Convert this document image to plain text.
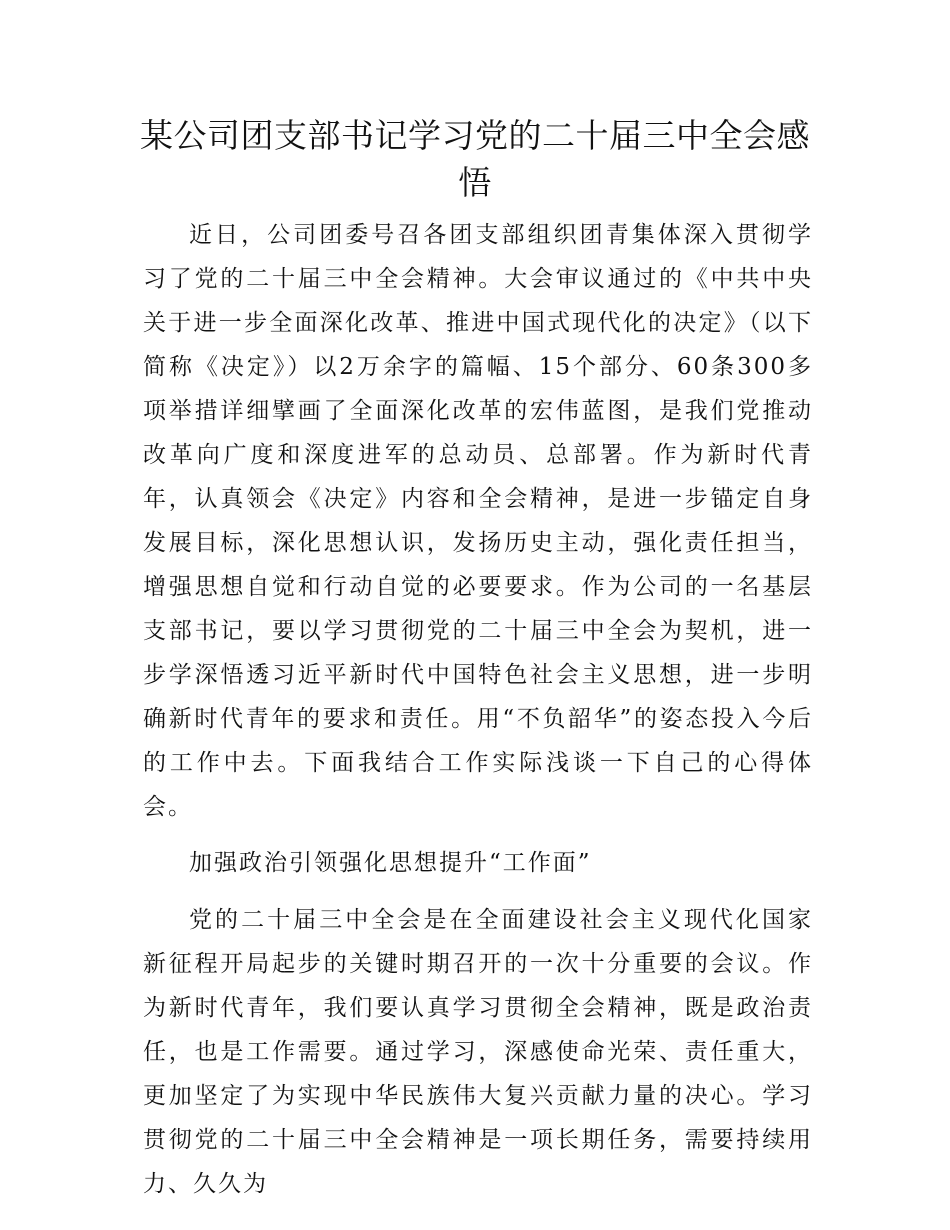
某公司团支部书记学习党的二十届三中全会感悟

近日，公司团委号召各团支部组织团青集体深入贯彻学习了党的二十届三中全会精神。大会审议通过的《中共中央关于进一步全面深化改革、推进中国式现代化的决定》（以下简称《决定》）以2万余字的篇幅、15个部分、60条300多项举措详细擘画了全面深化改革的宏伟蓝图，是我们党推动改革向广度和深度进军的总动员、总部署。作为新时代青年，认真领会《决定》内容和全会精神，是进一步锚定自身发展目标，深化思想认识，发扬历史主动，强化责任担当，增强思想自觉和行动自觉的必要要求。作为公司的一名基层支部书记，要以学习贯彻党的二十届三中全会为契机，进一步学深悟透习近平新时代中国特色社会主义思想，进一步明确新时代青年的要求和责任。用“不负韶华”的姿态投入今后的工作中去。下面我结合工作实际浅谈一下自己的心得体会。

加强政治引领强化思想提升“工作面”

党的二十届三中全会是在全面建设社会主义现代化国家新征程开局起步的关键时期召开的一次十分重要的会议。作为新时代青年，我们要认真学习贯彻全会精神，既是政治责任，也是工作需要。通过学习，深感使命光荣、责任重大，更加坚定了为实现中华民族伟大复兴贡献力量的决心。学习贯彻党的二十届三中全会精神是一项长期任务，需要持续用力、久久为
